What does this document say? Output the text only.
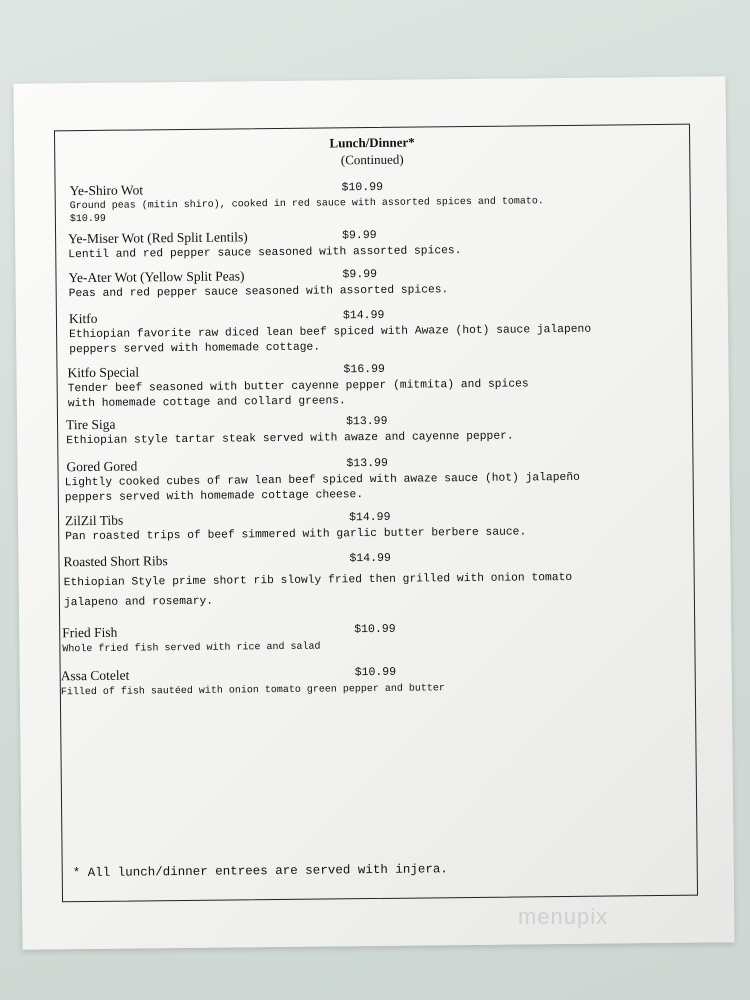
Lunch/Dinner*
(Continued)
Ye-Shiro Wot	$10.99
Ground peas (mitin shiro), cooked in red sauce with assorted spices and tomato.
$10.99
Ye-Miser Wot (Red Split Lentils)	$9.99
Lentil and red pepper sauce seasoned with assorted spices.
Ye-Ater Wot (Yellow Split Peas)	$9.99
Peas and red pepper sauce seasoned with assorted spices.
Kitfo	$14.99
Ethiopian favorite raw diced lean beef spiced with Awaze (hot) sauce jalapeno
peppers served with homemade cottage.
Kitfo Special	$16.99
Tender beef seasoned with butter cayenne pepper (mitmita) and spices
with homemade cottage and collard greens.
Tire Siga	$13.99
Ethiopian style tartar steak served with awaze and cayenne pepper.
Gored Gored	$13.99
Lightly cooked cubes of raw lean beef spiced with awaze sauce (hot) jalapeño
peppers served with homemade cottage cheese.
ZilZil Tibs	$14.99
Pan roasted trips of beef simmered with garlic butter berbere sauce.
Roasted Short Ribs	$14.99
Ethiopian Style prime short rib slowly fried then grilled with onion tomato
jalapeno and rosemary.
Fried Fish	$10.99
Whole fried fish served with rice and salad
Assa Cotelet	$10.99
Filled of fish sautéed with onion tomato green pepper and butter
* All lunch/dinner entrees are served with injera.
menupix
